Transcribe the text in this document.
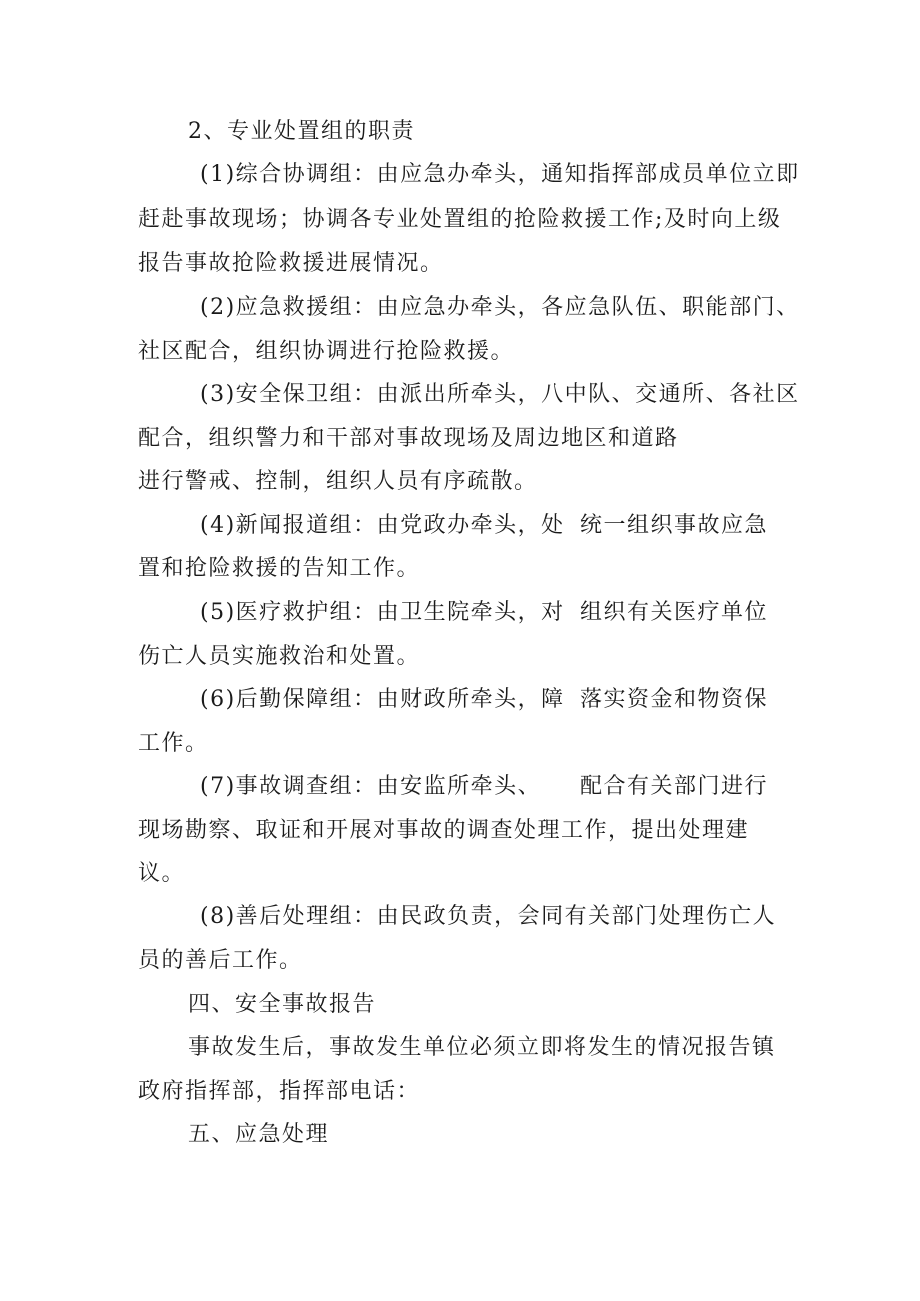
2、专业处置组的职责

(1)综合协调组：由应急办牵头，通知指挥部成员单位立即

赶赴事故现场；协调各专业处置组的抢险救援工作;及时向上级

报告事故抢险救援进展情况。

(2)应急救援组：由应急办牵头，各应急队伍、职能部门、

社区配合，组织协调进行抢险救援。

(3)安全保卫组：由派出所牵头，八中队、交通所、各社区

配合，组织警力和干部对事故现场及周边地区和道路

进行警戒、控制，组织人员有序疏散。

(4)新闻报道组：由党政办牵头，处 统一组织事故应急

置和抢险救援的告知工作。

(5)医疗救护组：由卫生院牵头，对 组织有关医疗单位

伤亡人员实施救治和处置。

(6)后勤保障组：由财政所牵头，障 落实资金和物资保

工作。

(7)事故调查组：由安监所牵头、 配合有关部门进行

现场勘察、取证和开展对事故的调查处理工作，提出处理建

议。

(8)善后处理组：由民政负责，会同有关部门处理伤亡人

员的善后工作。

四、安全事故报告

事故发生后，事故发生单位必须立即将发生的情况报告镇

政府指挥部，指挥部电话：

五、应急处理
